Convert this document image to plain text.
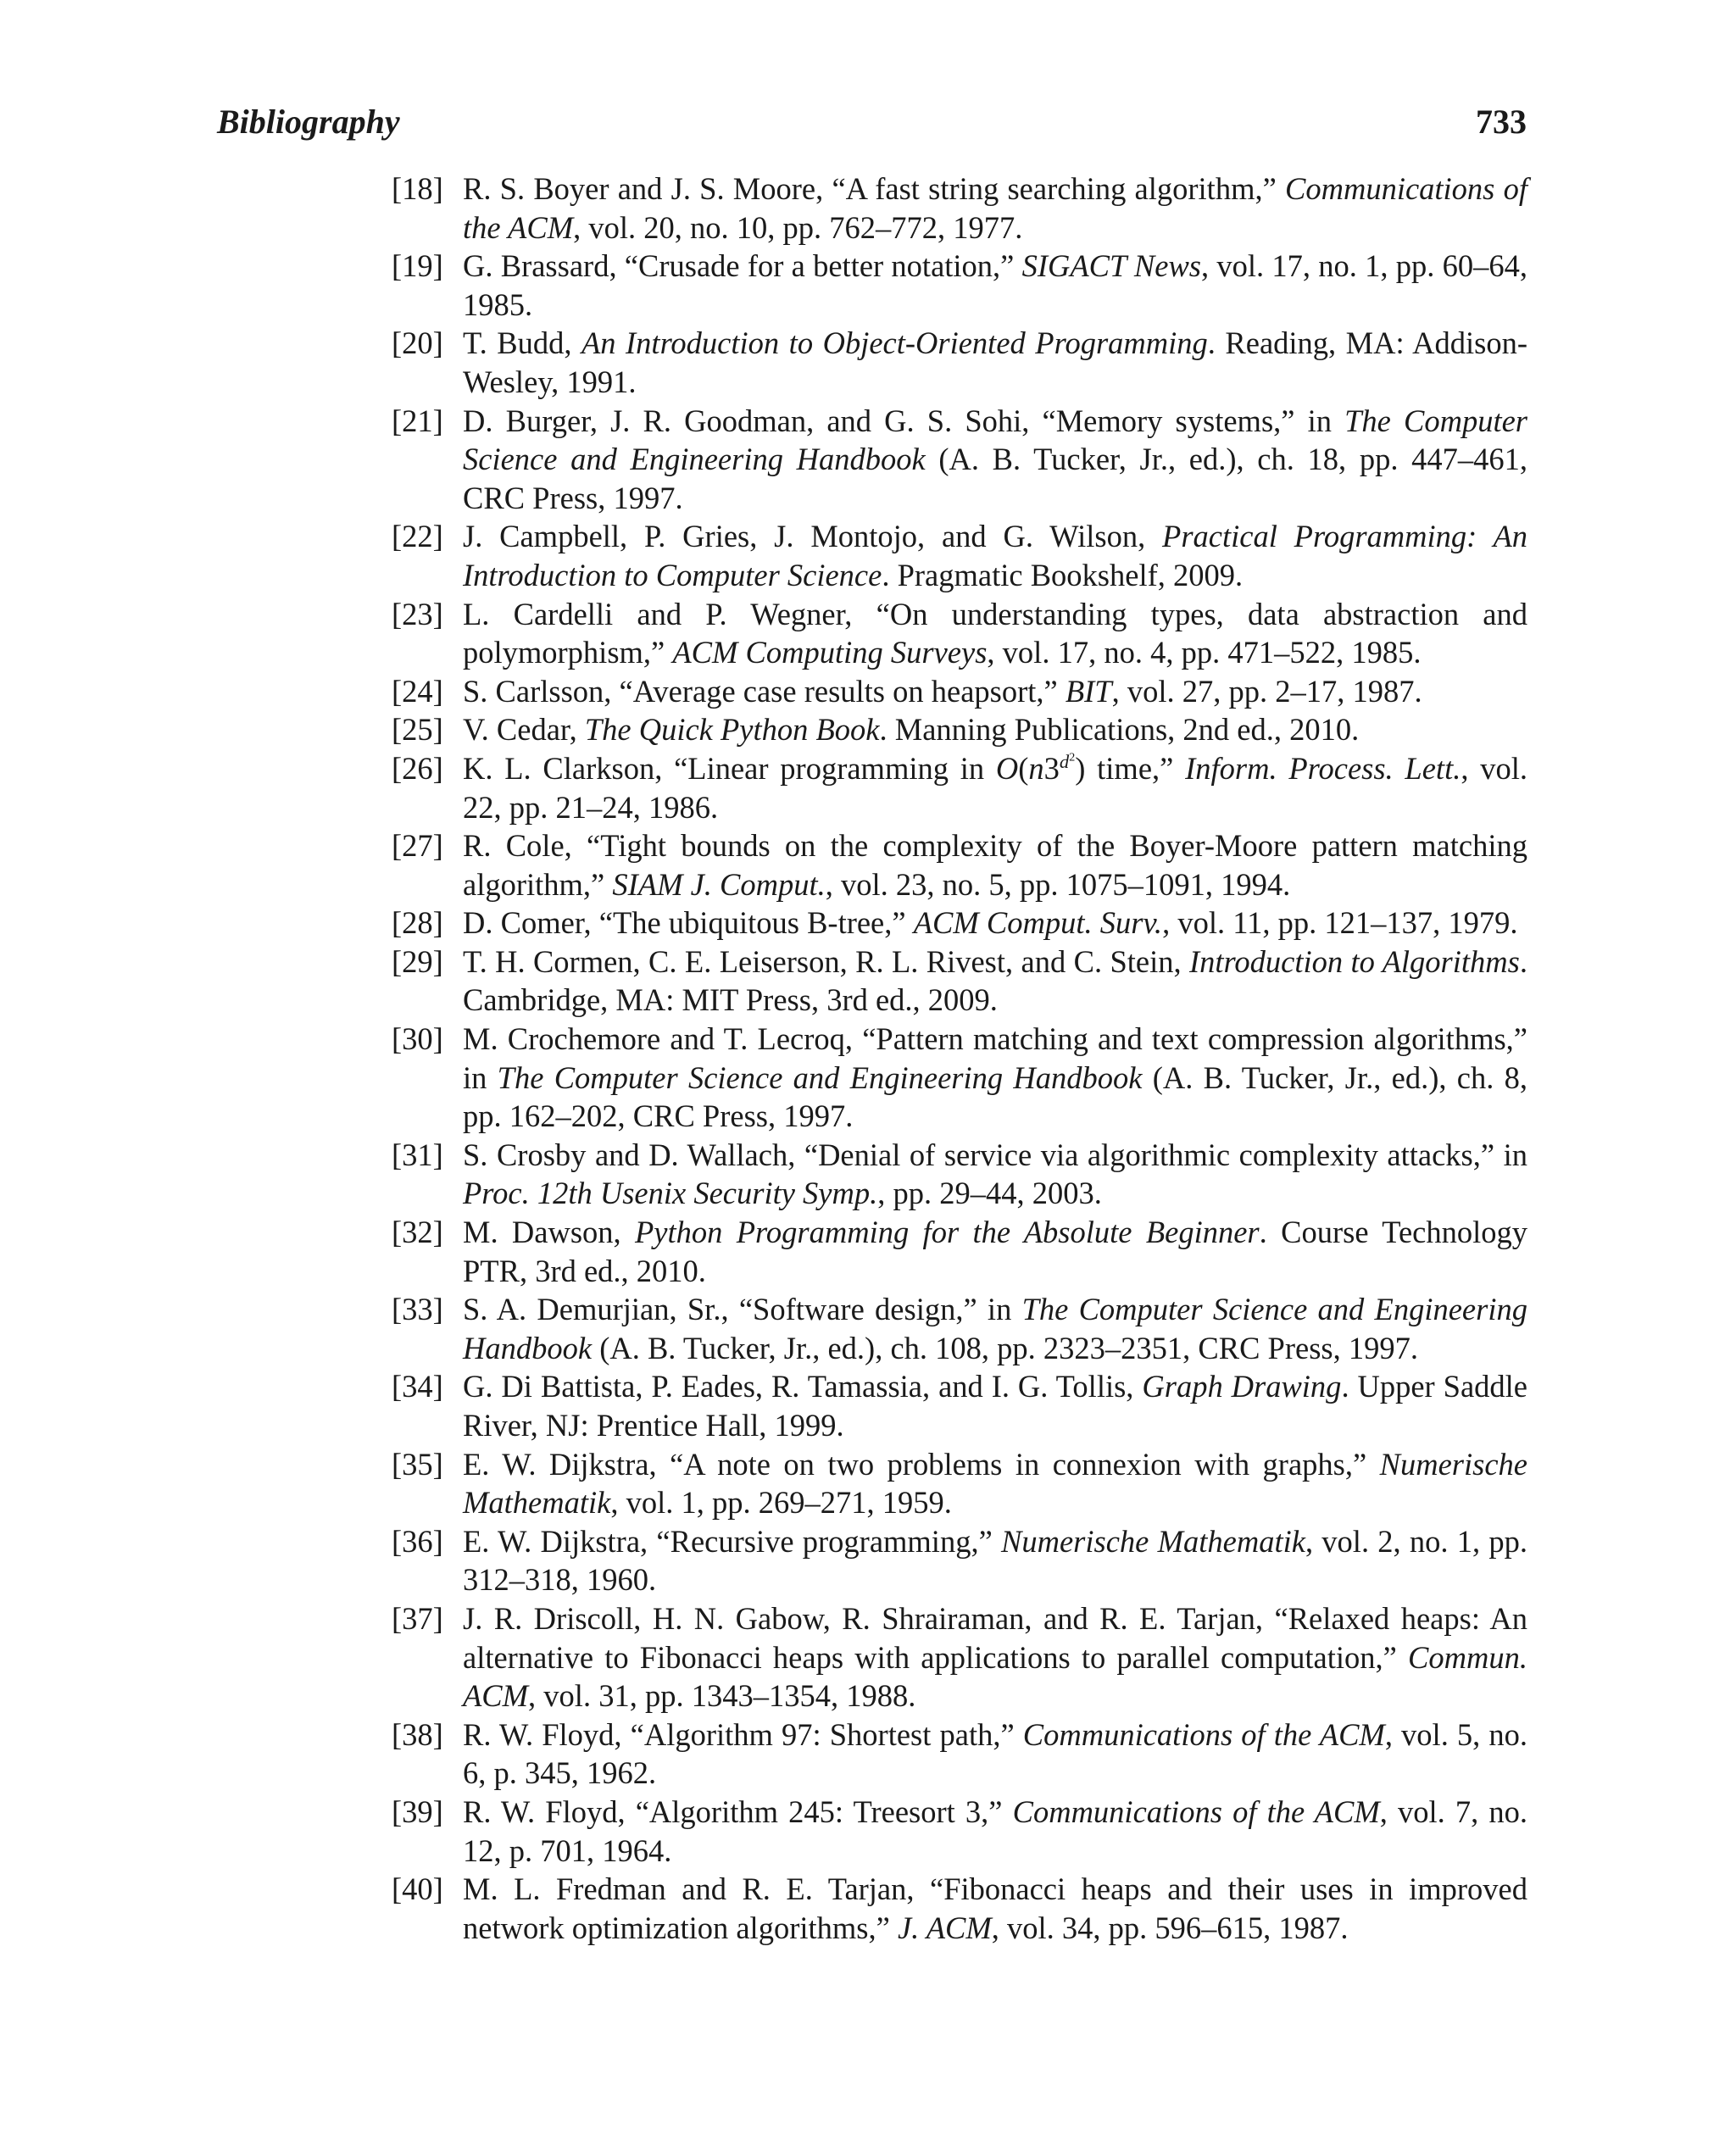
Bibliography	733
[18] R. S. Boyer and J. S. Moore, “A fast string searching algorithm,” Communications of the ACM, vol. 20, no. 10, pp. 762–772, 1977.
[19] G. Brassard, “Crusade for a better notation,” SIGACT News, vol. 17, no. 1, pp. 60–64, 1985.
[20] T. Budd, An Introduction to Object-Oriented Programming. Reading, MA: Addison-Wesley, 1991.
[21] D. Burger, J. R. Goodman, and G. S. Sohi, “Memory systems,” in The Computer Science and Engineering Handbook (A. B. Tucker, Jr., ed.), ch. 18, pp. 447–461, CRC Press, 1997.
[22] J. Campbell, P. Gries, J. Montojo, and G. Wilson, Practical Programming: An Introduction to Computer Science. Pragmatic Bookshelf, 2009.
[23] L. Cardelli and P. Wegner, “On understanding types, data abstraction and polymorphism,” ACM Computing Surveys, vol. 17, no. 4, pp. 471–522, 1985.
[24] S. Carlsson, “Average case results on heapsort,” BIT, vol. 27, pp. 2–17, 1987.
[25] V. Cedar, The Quick Python Book. Manning Publications, 2nd ed., 2010.
[26] K. L. Clarkson, “Linear programming in $O(n3^{d^2})$ time,” Inform. Process. Lett., vol. 22, pp. 21–24, 1986.
[27] R. Cole, “Tight bounds on the complexity of the Boyer-Moore pattern matching algorithm,” SIAM J. Comput., vol. 23, no. 5, pp. 1075–1091, 1994.
[28] D. Comer, “The ubiquitous B-tree,” ACM Comput. Surv., vol. 11, pp. 121–137, 1979.
[29] T. H. Cormen, C. E. Leiserson, R. L. Rivest, and C. Stein, Introduction to Algorithms. Cambridge, MA: MIT Press, 3rd ed., 2009.
[30] M. Crochemore and T. Lecroq, “Pattern matching and text compression algorithms,” in The Computer Science and Engineering Handbook (A. B. Tucker, Jr., ed.), ch. 8, pp. 162–202, CRC Press, 1997.
[31] S. Crosby and D. Wallach, “Denial of service via algorithmic complexity attacks,” in Proc. 12th Usenix Security Symp., pp. 29–44, 2003.
[32] M. Dawson, Python Programming for the Absolute Beginner. Course Technology PTR, 3rd ed., 2010.
[33] S. A. Demurjian, Sr., “Software design,” in The Computer Science and Engineering Handbook (A. B. Tucker, Jr., ed.), ch. 108, pp. 2323–2351, CRC Press, 1997.
[34] G. Di Battista, P. Eades, R. Tamassia, and I. G. Tollis, Graph Drawing. Upper Saddle River, NJ: Prentice Hall, 1999.
[35] E. W. Dijkstra, “A note on two problems in connexion with graphs,” Numerische Mathematik, vol. 1, pp. 269–271, 1959.
[36] E. W. Dijkstra, “Recursive programming,” Numerische Mathematik, vol. 2, no. 1, pp. 312–318, 1960.
[37] J. R. Driscoll, H. N. Gabow, R. Shrairaman, and R. E. Tarjan, “Relaxed heaps: An alternative to Fibonacci heaps with applications to parallel computation,” Commun. ACM, vol. 31, pp. 1343–1354, 1988.
[38] R. W. Floyd, “Algorithm 97: Shortest path,” Communications of the ACM, vol. 5, no. 6, p. 345, 1962.
[39] R. W. Floyd, “Algorithm 245: Treesort 3,” Communications of the ACM, vol. 7, no. 12, p. 701, 1964.
[40] M. L. Fredman and R. E. Tarjan, “Fibonacci heaps and their uses in improved network optimization algorithms,” J. ACM, vol. 34, pp. 596–615, 1987.
